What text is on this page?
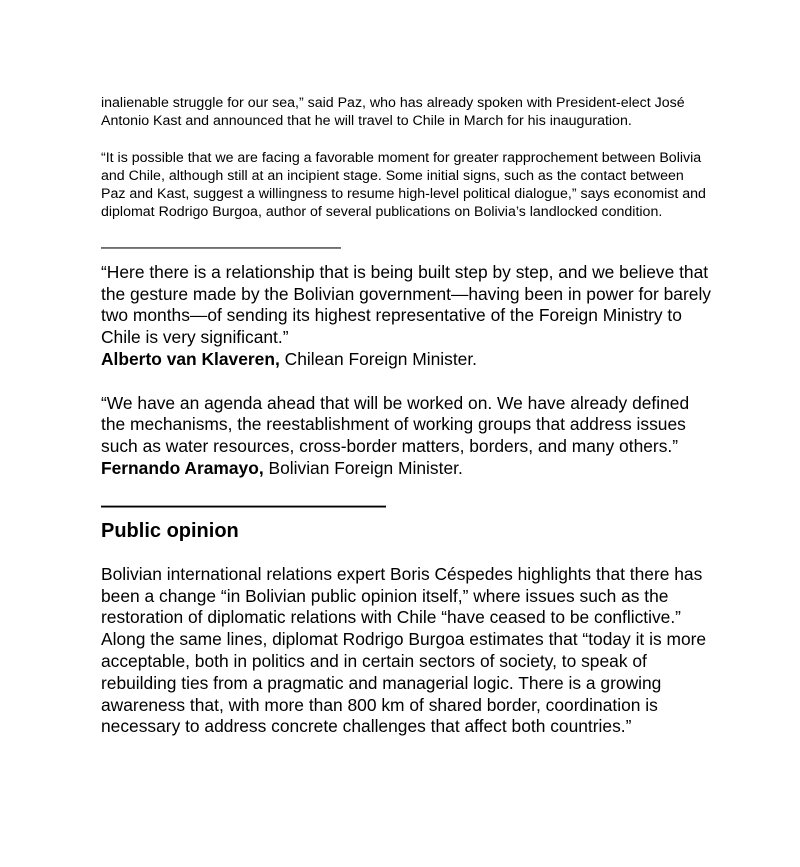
inalienable struggle for our sea,” said Paz, who has already spoken with President-elect José Antonio Kast and announced that he will travel to Chile in March for his inauguration.

“It is possible that we are facing a favorable moment for greater rapprochement between Bolivia and Chile, although still at an incipient stage. Some initial signs, such as the contact between Paz and Kast, suggest a willingness to resume high-level political dialogue,” says economist and diplomat Rodrigo Burgoa, author of several publications on Bolivia’s landlocked condition.

———————————————

“Here there is a relationship that is being built step by step, and we believe that the gesture made by the Bolivian government—having been in power for barely two months—of sending its highest representative of the Foreign Ministry to Chile is very significant.”
Alberto van Klaveren, Chilean Foreign Minister.

“We have an agenda ahead that will be worked on. We have already defined the mechanisms, the reestablishment of working groups that address issues such as water resources, cross-border matters, borders, and many others.”
Fernando Aramayo, Bolivian Foreign Minister.

———————————————
Public opinion

Bolivian international relations expert Boris Céspedes highlights that there has been a change “in Bolivian public opinion itself,” where issues such as the restoration of diplomatic relations with Chile “have ceased to be conflictive.” Along the same lines, diplomat Rodrigo Burgoa estimates that “today it is more acceptable, both in politics and in certain sectors of society, to speak of rebuilding ties from a pragmatic and managerial logic. There is a growing awareness that, with more than 800 km of shared border, coordination is necessary to address concrete challenges that affect both countries.”
